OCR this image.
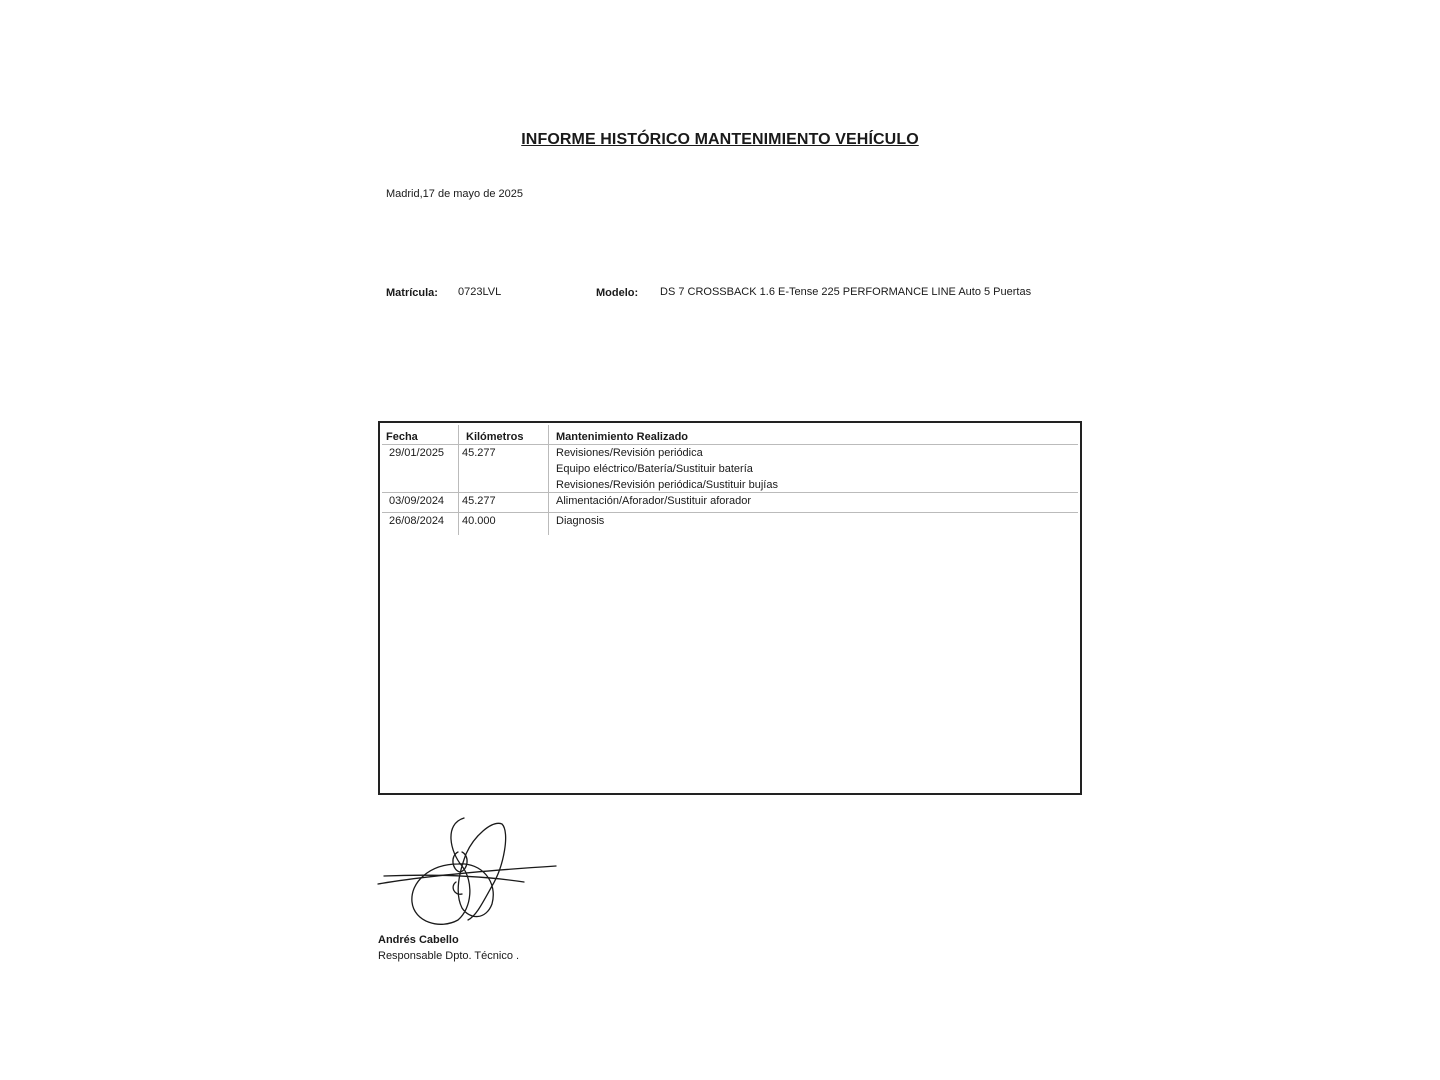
INFORME HISTÓRICO MANTENIMIENTO VEHÍCULO
Madrid,17 de mayo de 2025
Matrícula: 0723LVL	Modelo: DS 7 CROSSBACK 1.6 E-Tense 225 PERFORMANCE LINE Auto 5 Puertas
Fecha	Kilómetros	Mantenimiento Realizado
29/01/2025 45.277	Revisiones/Revisión periódica
Equipo eléctrico/Batería/Sustituir batería
Revisiones/Revisión periódica/Sustituir bujías
03/09/2024 45.277	Alimentación/Aforador/Sustituir aforador
26/08/2024 40.000	Diagnosis
Andrés Cabello
Responsable Dpto. Técnico .
